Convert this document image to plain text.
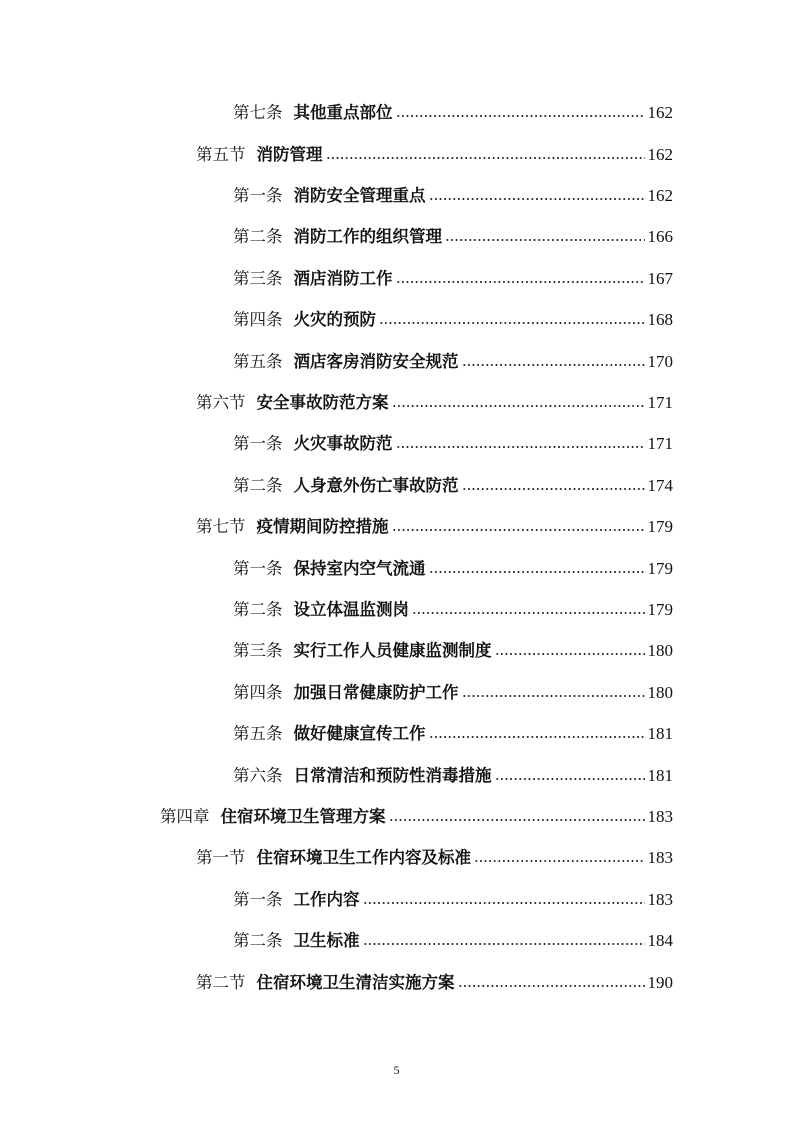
第七条 其他重点部位	162
第五节 消防管理	162
第一条 消防安全管理重点	162
第二条 消防工作的组织管理	166
第三条 酒店消防工作	167
第四条 火灾的预防	168
第五条 酒店客房消防安全规范	170
第六节 安全事故防范方案	171
第一条 火灾事故防范	171
第二条 人身意外伤亡事故防范	174
第七节 疫情期间防控措施	179
第一条 保持室内空气流通	179
第二条 设立体温监测岗	179
第三条 实行工作人员健康监测制度	180
第四条 加强日常健康防护工作	180
第五条 做好健康宣传工作	181
第六条 日常清洁和预防性消毒措施	181
第四章 住宿环境卫生管理方案	183
第一节 住宿环境卫生工作内容及标准	183
第一条 工作内容	183
第二条 卫生标准	184
第二节 住宿环境卫生清洁实施方案	190
5
